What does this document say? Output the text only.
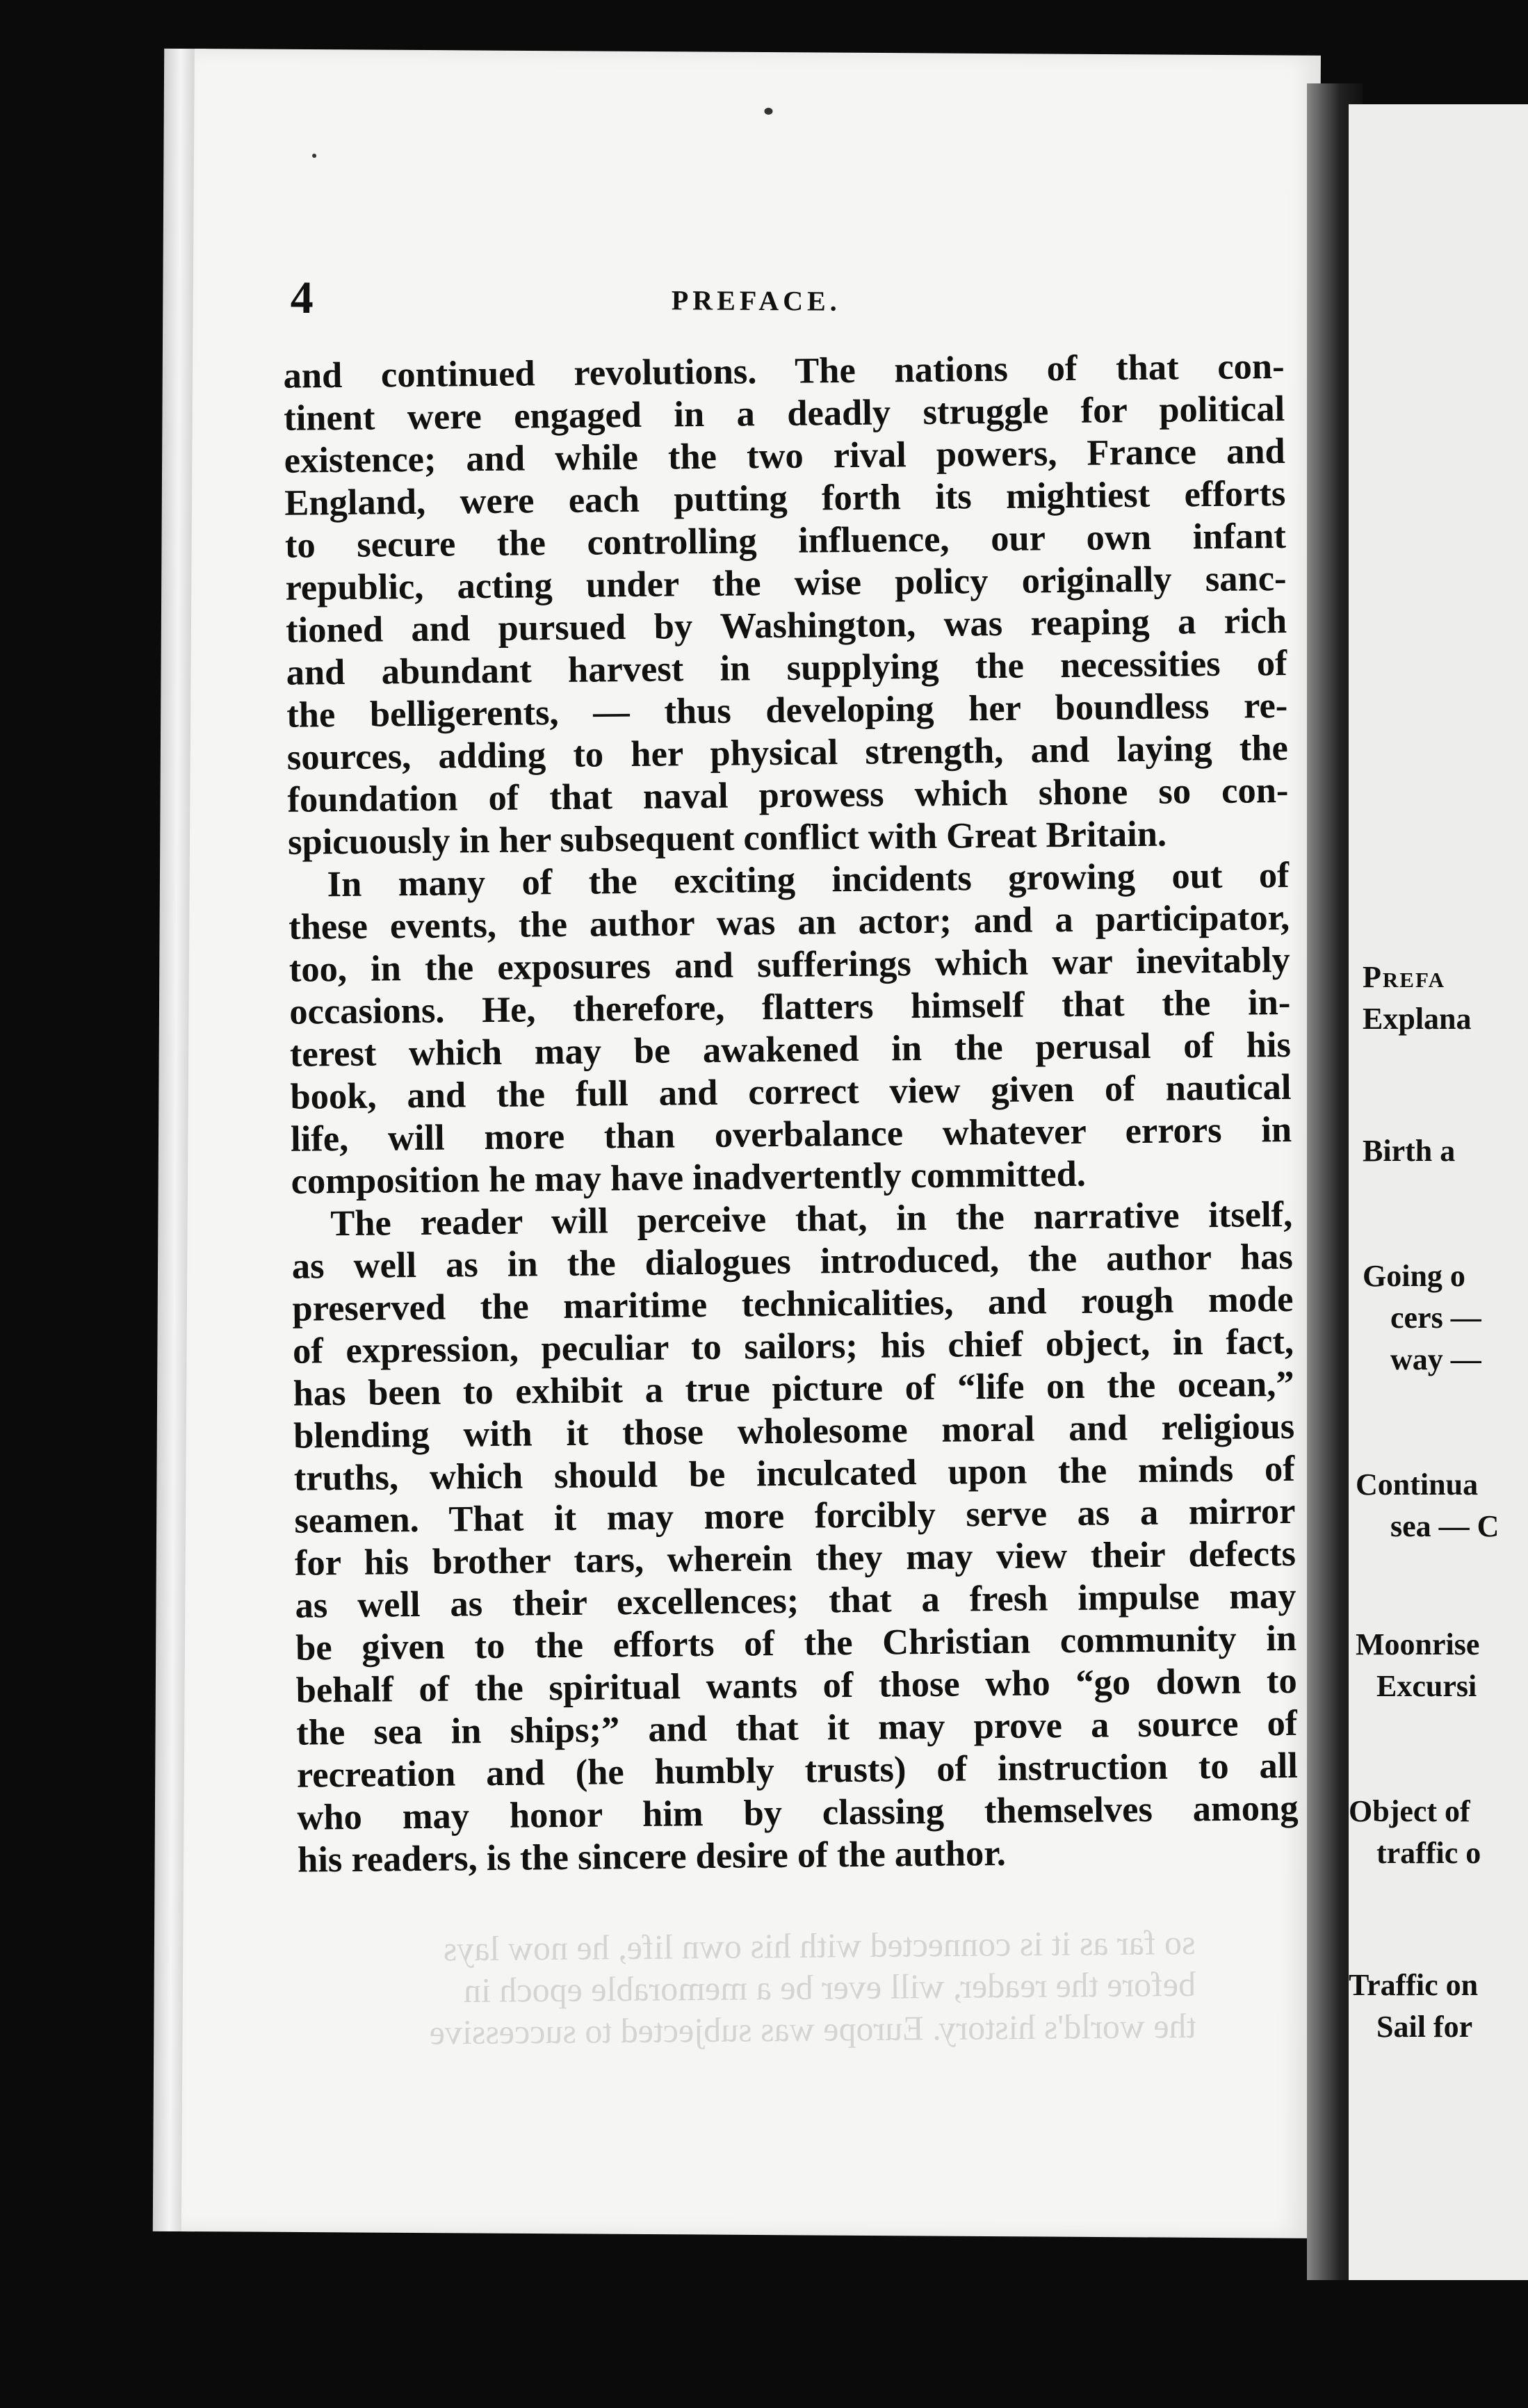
4	PREFACE.
and continued revolutions. The nations of that con-
tinent were engaged in a deadly struggle for political
existence; and while the two rival powers, France and
England, were each putting forth its mightiest efforts
to secure the controlling influence, our own infant
republic, acting under the wise policy originally sanc-
tioned and pursued by Washington, was reaping a rich
and abundant harvest in supplying the necessities of
the belligerents, — thus developing her boundless re-
sources, adding to her physical strength, and laying the
foundation of that naval prowess which shone so con-
spicuously in her subsequent conflict with Great Britain.
In many of the exciting incidents growing out of
these events, the author was an actor; and a participator,
too, in the exposures and sufferings which war inevitably
occasions. He, therefore, flatters himself that the in-
terest which may be awakened in the perusal of his
book, and the full and correct view given of nautical
life, will more than overbalance whatever errors in
composition he may have inadvertently committed.
The reader will perceive that, in the narrative itself,
as well as in the dialogues introduced, the author has
preserved the maritime technicalities, and rough mode
of expression, peculiar to sailors; his chief object, in fact,
has been to exhibit a true picture of “life on the ocean,”
blending with it those wholesome moral and religious
truths, which should be inculcated upon the minds of
seamen. That it may more forcibly serve as a mirror
for his brother tars, wherein they may view their defects
as well as their excellences; that a fresh impulse may
be given to the efforts of the Christian community in
behalf of the spiritual wants of those who “go down to
the sea in ships;” and that it may prove a source of
recreation and (he humbly trusts) of instruction to all
who may honor him by classing themselves among
his readers, is the sincere desire of the author.
so far as it is connected with his own life, he now lays
before the reader, will ever be a memorable epoch in
the world's history. Europe was subjected to successive
Prefa
Explana
Birth a
Going o
cers —
way —
Continua
sea — C
Moonrise
Excursi
Object of
traffic o
Traffic on
Sail for
